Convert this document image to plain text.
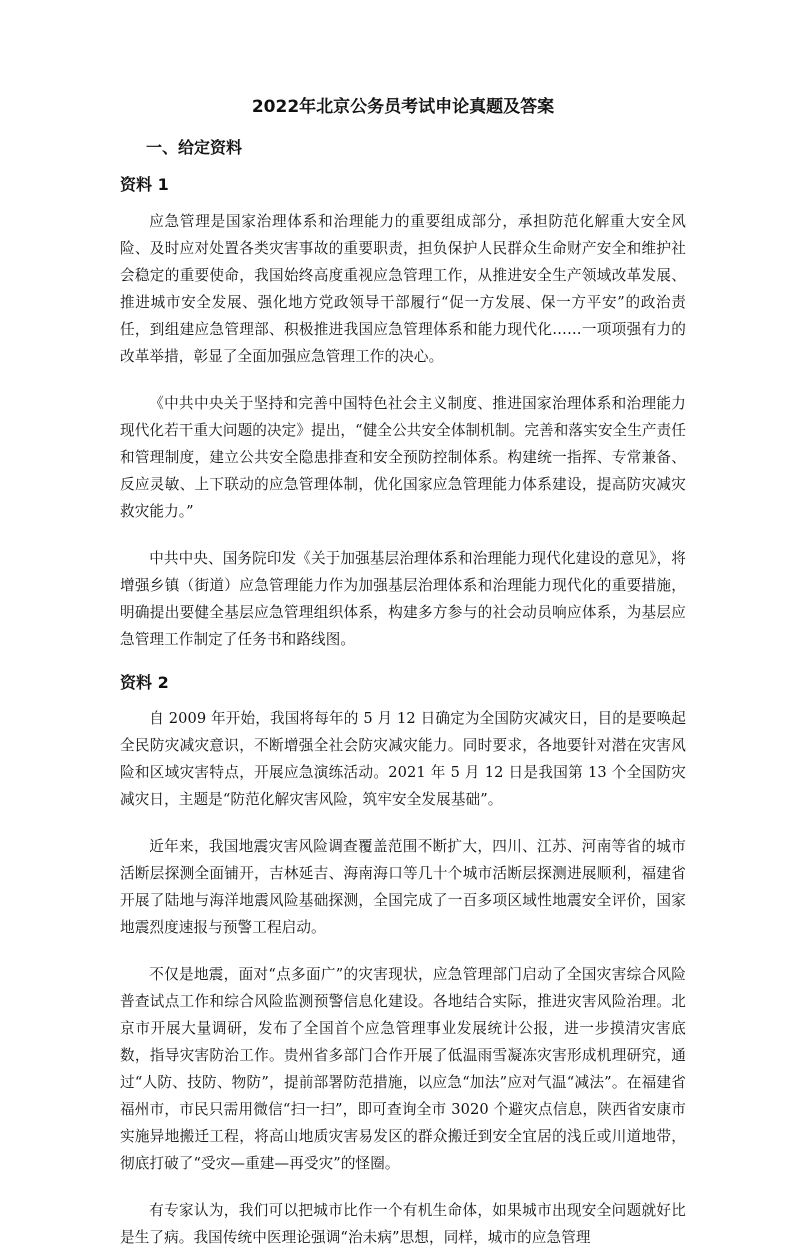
2022年北京公务员考试申论真题及答案
一、给定资料
资料 1

应急管理是国家治理体系和治理能力的重要组成部分，承担防范化解重大安全风险、及时应对处置各类灾害事故的重要职责，担负保护人民群众生命财产安全和维护社会稳定的重要使命，我国始终高度重视应急管理工作，从推进安全生产领域改革发展、推进城市安全发展、强化地方党政领导干部履行“促一方发展、保一方平安”的政治责任，到组建应急管理部、积极推进我国应急管理体系和能力现代化……一项项强有力的改革举措，彰显了全面加强应急管理工作的决心。

《中共中央关于坚持和完善中国特色社会主义制度、推进国家治理体系和治理能力现代化若干重大问题的决定》提出，“健全公共安全体制机制。完善和落实安全生产责任和管理制度，建立公共安全隐患排查和安全预防控制体系。构建统一指挥、专常兼备、反应灵敏、上下联动的应急管理体制，优化国家应急管理能力体系建设，提高防灾减灾救灾能力。”

中共中央、国务院印发《关于加强基层治理体系和治理能力现代化建设的意见》，将增强乡镇（街道）应急管理能力作为加强基层治理体系和治理能力现代化的重要措施，明确提出要健全基层应急管理组织体系，构建多方参与的社会动员响应体系，为基层应急管理工作制定了任务书和路线图。

资料 2

自 2009 年开始，我国将每年的 5 月 12 日确定为全国防灾减灾日，目的是要唤起全民防灾减灾意识，不断增强全社会防灾减灾能力。同时要求，各地要针对潜在灾害风险和区域灾害特点，开展应急演练活动。2021 年 5 月 12 日是我国第 13 个全国防灾减灾日，主题是“防范化解灾害风险，筑牢安全发展基础”。

近年来，我国地震灾害风险调查覆盖范围不断扩大，四川、江苏、河南等省的城市活断层探测全面铺开，吉林延吉、海南海口等几十个城市活断层探测进展顺利，福建省开展了陆地与海洋地震风险基础探测，全国完成了一百多项区域性地震安全评价，国家地震烈度速报与预警工程启动。

不仅是地震，面对“点多面广”的灾害现状，应急管理部门启动了全国灾害综合风险普查试点工作和综合风险监测预警信息化建设。各地结合实际，推进灾害风险治理。北京市开展大量调研，发布了全国首个应急管理事业发展统计公报，进一步摸清灾害底数，指导灾害防治工作。贵州省多部门合作开展了低温雨雪凝冻灾害形成机理研究，通过“人防、技防、物防”，提前部署防范措施，以应急“加法”应对气温“减法”。在福建省福州市，市民只需用微信“扫一扫”，即可查询全市 3020 个避灾点信息，陕西省安康市实施异地搬迁工程，将高山地质灾害易发区的群众搬迁到安全宜居的浅丘或川道地带，彻底打破了“受灾—重建—再受灾”的怪圈。

有专家认为，我们可以把城市比作一个有机生命体，如果城市出现安全问题就好比是生了病。我国传统中医理论强调“治未病”思想，同样，城市的应急管理
